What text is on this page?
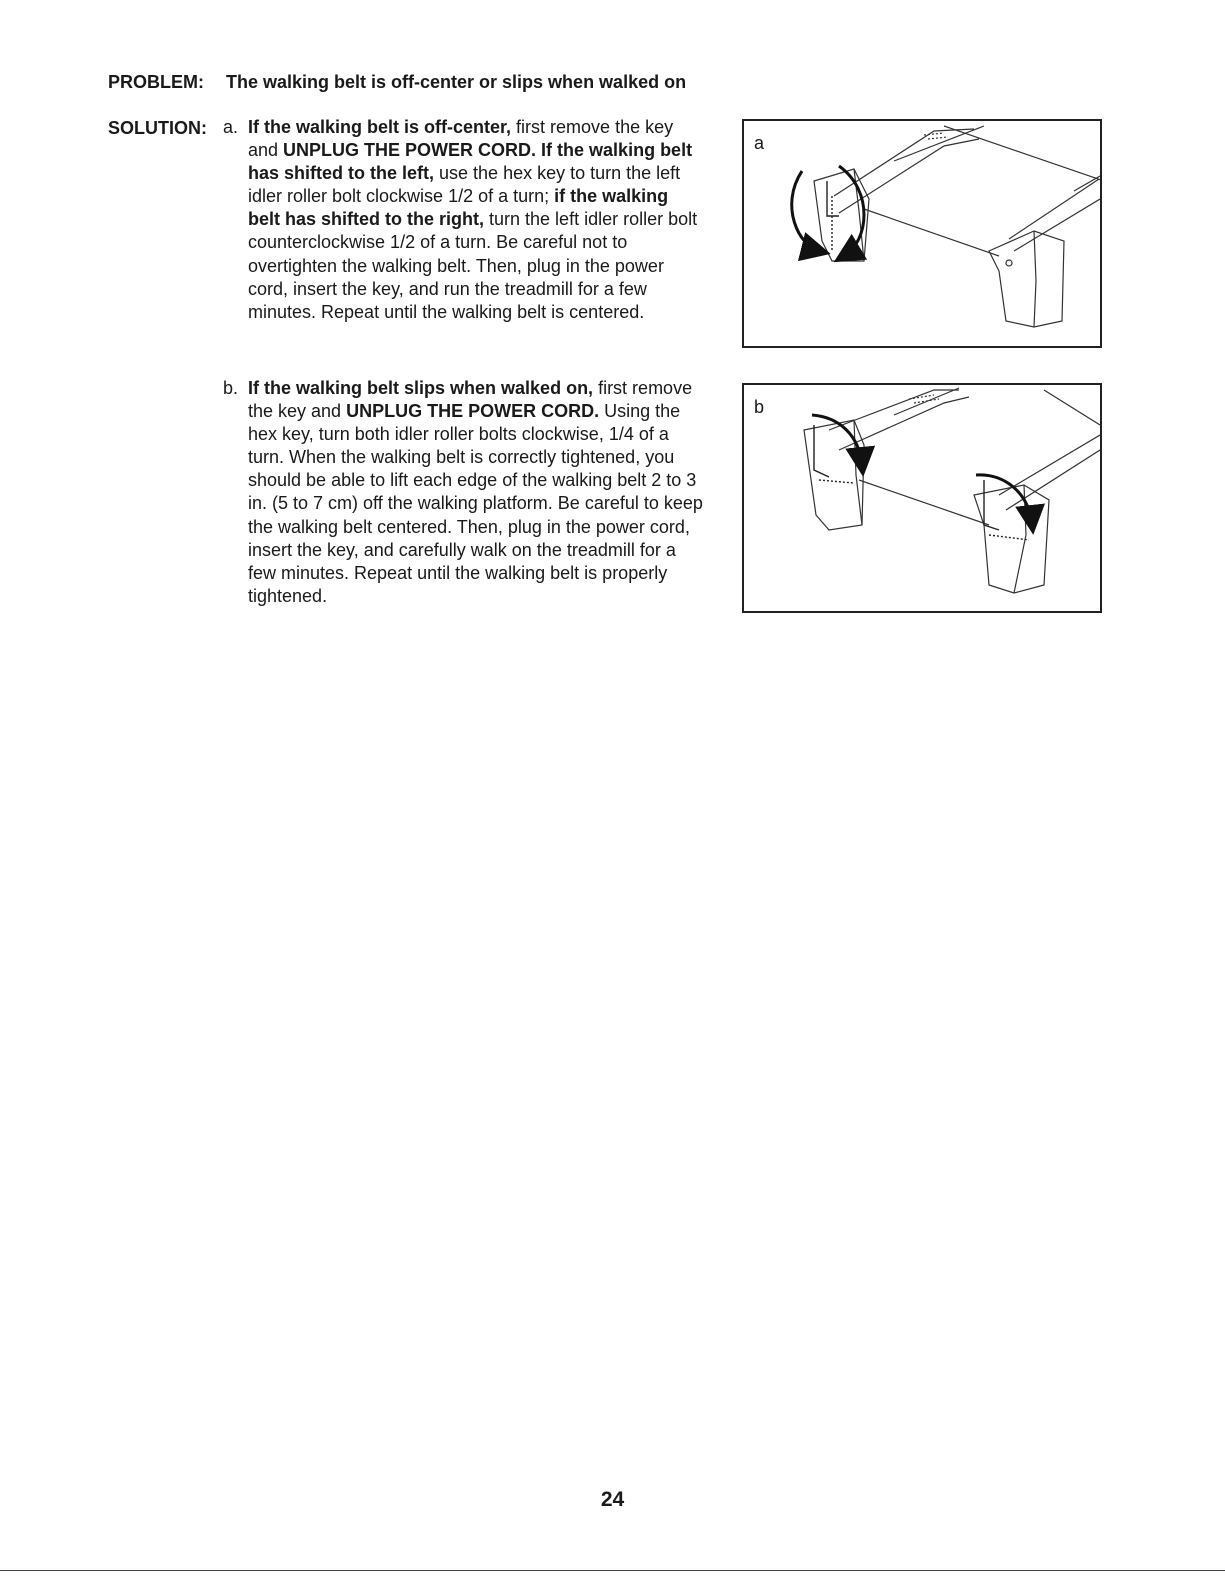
PROBLEM: The walking belt is off-center or slips when walked on
SOLUTION: a. If the walking belt is off-center, first remove the key and UNPLUG THE POWER CORD. If the walking belt has shifted to the left, use the hex key to turn the left idler roller bolt clockwise 1/2 of a turn; if the walking belt has shifted to the right, turn the left idler roller bolt counterclockwise 1/2 of a turn. Be careful not to overtighten the walking belt. Then, plug in the power cord, insert the key, and run the treadmill for a few minutes. Repeat until the walking belt is centered.
b. If the walking belt slips when walked on, first remove the key and UNPLUG THE POWER CORD. Using the hex key, turn both idler roller bolts clockwise, 1/4 of a turn. When the walking belt is correctly tightened, you should be able to lift each edge of the walking belt 2 to 3 in. (5 to 7 cm) off the walking platform. Be careful to keep the walking belt centered. Then, plug in the power cord, insert the key, and carefully walk on the treadmill for a few minutes. Repeat until the walking belt is properly tightened.
a
b
24
